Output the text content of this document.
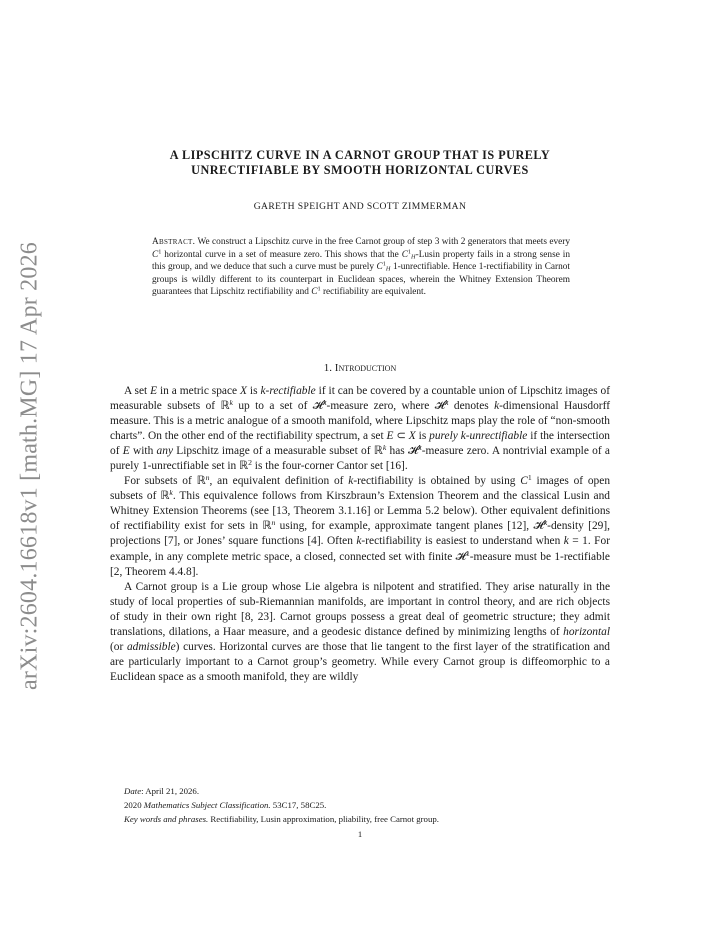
arXiv:2604.16618v1 [math.MG] 17 Apr 2026
A LIPSCHITZ CURVE IN A CARNOT GROUP THAT IS PURELY
UNRECTIFIABLE BY SMOOTH HORIZONTAL CURVES
GARETH SPEIGHT AND SCOTT ZIMMERMAN

Abstract. We construct a Lipschitz curve in the free Carnot group of step 3 with 2 generators that meets every $C^1$ horizontal curve in a set of measure zero. This shows that the $C^1_H$-Lusin property fails in a strong sense in this group, and we deduce that such a curve must be purely $C^1_H$ 1-unrectifiable. Hence 1-rectifiability in Carnot groups is wildly different to its counterpart in Euclidean spaces, wherein the Whitney Extension Theorem guarantees that Lipschitz rectifiability and $C^1$ rectifiability are equivalent.

1. Introduction

A set E in a metric space X is k-rectifiable if it can be covered by a countable union of Lipschitz images of measurable subsets of ℝ$^k$ up to a set of 𝓗$^k$-measure zero, where 𝓗$^k$ denotes k-dimensional Hausdorff measure. This is a metric analogue of a smooth manifold, where Lipschitz maps play the role of “non-smooth charts”. On the other end of the rectifiability spectrum, a set E ⊂ X is purely k-unrectifiable if the intersection of E with any Lipschitz image of a measurable subset of ℝ$^k$ has 𝓗$^k$-measure zero. A nontrivial example of a purely 1-unrectifiable set in ℝ$^2$ is the four-corner Cantor set [16].

For subsets of ℝ$^n$, an equivalent definition of k-rectifiability is obtained by using $C^1$ images of open subsets of ℝ$^k$. This equivalence follows from Kirszbraun’s Extension Theorem and the classical Lusin and Whitney Extension Theorems (see [13, Theorem 3.1.16] or Lemma 5.2 below). Other equivalent definitions of rectifiability exist for sets in ℝ$^n$ using, for example, approximate tangent planes [12], 𝓗$^k$-density [29], projections [7], or Jones’ square functions [4]. Often k-rectifiability is easiest to understand when k = 1. For example, in any complete metric space, a closed, connected set with finite 𝓗$^1$-measure must be 1-rectifiable [2, Theorem 4.4.8].

A Carnot group is a Lie group whose Lie algebra is nilpotent and stratified. They arise naturally in the study of local properties of sub-Riemannian manifolds, are important in control theory, and are rich objects of study in their own right [8, 23]. Carnot groups possess a great deal of geometric structure; they admit translations, dilations, a Haar measure, and a geodesic distance defined by minimizing lengths of horizontal (or admissible) curves. Horizontal curves are those that lie tangent to the first layer of the stratification and are particularly important to a Carnot group’s geometry. While every Carnot group is diffeomorphic to a Euclidean space as a smooth manifold, they are wildly

Date: April 21, 2026.
2020 Mathematics Subject Classification. 53C17, 58C25.
Key words and phrases. Rectifiability, Lusin approximation, pliability, free Carnot group.
1
